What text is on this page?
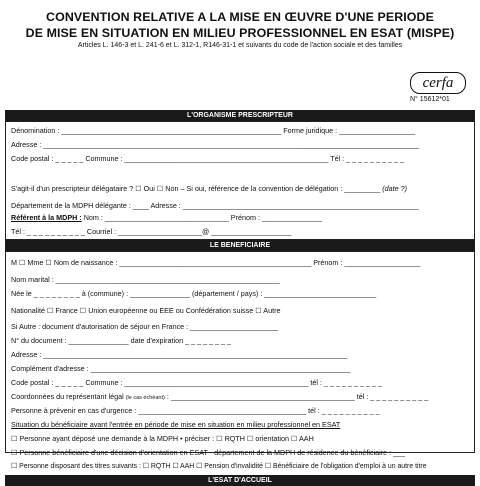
CONVENTION RELATIVE A LA MISE EN ŒUVRE D'UNE PERIODE
DE MISE EN SITUATION EN MILIEU PROFESSIONNEL EN ESAT (MISPE)
Articles L. 146-3 et L. 241-6 et L. 312-1, R146-31-1 et suivants du code de l'action sociale et des familles
cerfa
N° 15612*01
L'ORGANISME PRESCRIPTEUR
Dénomination : _______________________________________________________ Forme juridique : ___________________
Adresse : ______________________________________________________________________________________________
Code postal : _ _ _ _ _ Commune : ___________________________________________________ Tél : _ _ _ _ _ _ _ _ _ _
S'agit-il d'un prescripteur délégataire ? ☐ Oui ☐ Non – Si oui, référence de la convention de délégation : _________ (date ?)
Département de la MDPH délégante : ____ Adresse : ___________________________________________________________
Référent à la MDPH : Nom : _______________________________ Prénom : _______________
Tél : _ _ _ _ _ _ _ _ _ _ Courriel : _____________________@ ____________________
LE BENEFICIAIRE
M ☐ Mme ☐ Nom de naissance : ________________________________________________ Prénom : ___________________
Nom marital : ________________________________________________________
Née le _ _ _ _ _ _ _ _ à (commune) : _______________ (département / pays) : ____________________________
Nationalité ☐ France ☐ Union européenne ou EEE ou Confédération suisse ☐ Autre
Si Autre : document d'autorisation de séjour en France : ______________________
N° du document : _______________ date d'expiration _ _ _ _ _ _ _ _
Adresse : ____________________________________________________________________________
Complément d'adresse : _________________________________________________________________
Code postal : _ _ _ _ _ Commune : ______________________________________________ tél : _ _ _ _ _ _ _ _ _ _
Coordonnées du représentant légal (le cas échéant) : ______________________________________________ tél : _ _ _ _ _ _ _ _ _ _
Personne à prévenir en cas d'urgence : __________________________________________ tél : _ _ _ _ _ _ _ _ _ _
Situation du bénéficiaire avant l'entrée en période de mise en situation en milieu professionnel en ESAT
☐ Personne ayant déposé une demande à la MDPH • préciser : ☐ RQTH ☐ orientation ☐ AAH
☐ Personne bénéficiaire d'une décision d'orientation en ESAT - département de la MDPH de résidence du bénéficiaire : ___
☐ Personne disposant des titres suivants : ☐ RQTH ☐ AAH ☐ Pension d'invalidité ☐ Bénéficiaire de l'obligation d'emploi à un autre titre
L'ESAT D'ACCUEIL
